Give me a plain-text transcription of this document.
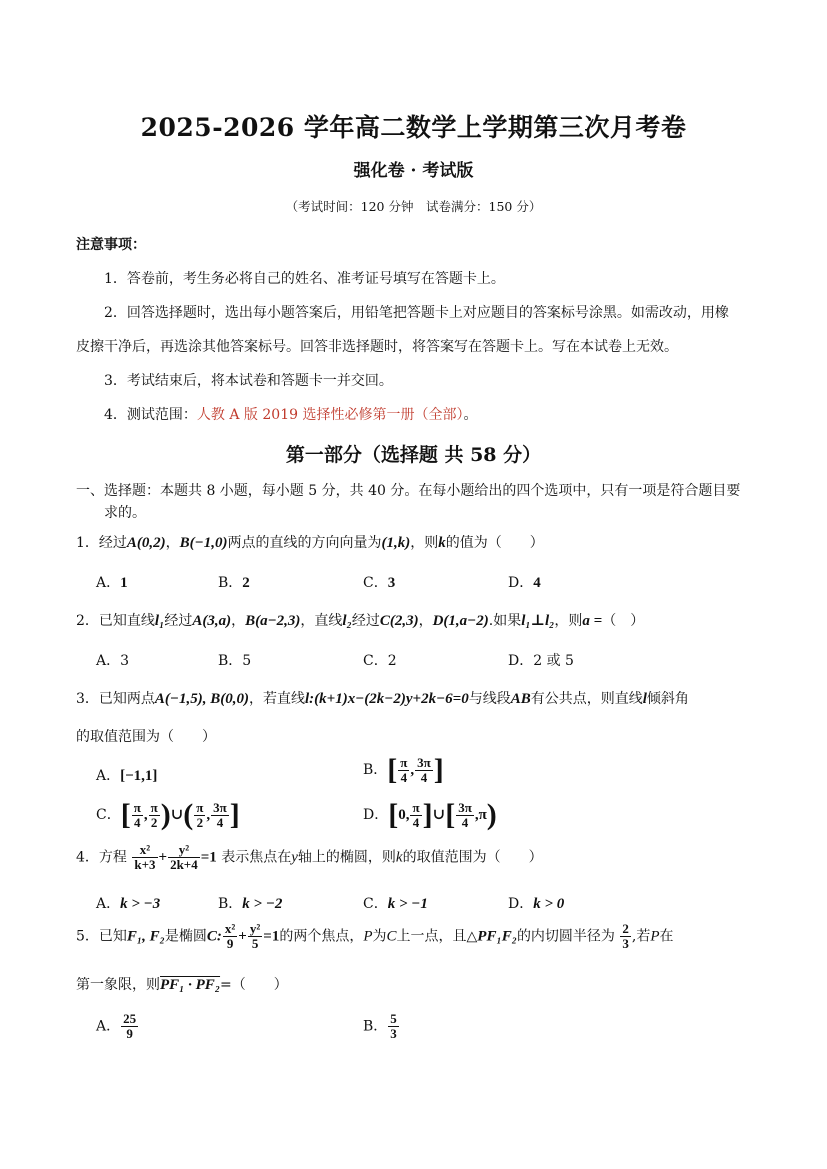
2025-2026 学年高二数学上学期第三次月考卷
强化卷 · 考试版
（考试时间：120 分钟　试卷满分：150 分）
注意事项：
1．答卷前，考生务必将自己的姓名、准考证号填写在答题卡上。
2．回答选择题时，选出每小题答案后，用铅笔把答题卡上对应题目的答案标号涂黑。如需改动，用橡
皮擦干净后，再选涂其他答案标号。回答非选择题时，将答案写在答题卡上。写在本试卷上无效。
3．考试结束后，将本试卷和答题卡一并交回。
4．测试范围：人教 A 版 2019 选择性必修第一册（全部）。
第一部分（选择题 共 58 分）
一、选择题：本题共 8 小题，每小题 5 分，共 40 分。在每小题给出的四个选项中，只有一项是符合题目要
求的。
1．经过A(0,2)，B(−1,0)两点的直线的方向向量为(1,k)，则k的值为（　　）
A．1	B．2	C．3	D．4
2．已知直线l₁经过A(3,a)，B(a−2,3)，直线l₂经过C(2,3)，D(1,a−2).如果l₁⊥l₂，则a =（　）
A．3	B．5	C．2	D．2 或 5
3．已知两点A(−1,5), B(0,0)，若直线l:(k+1)x−(2k−2)y+2k−6=0与线段AB有公共点，则直线l倾斜角
的取值范围为（　　）
A．[−1,1]	B．[ $\frac{\pi}{4}$ , $\frac{3\pi}{4}$ ]
C．[ $\frac{\pi}{4}$ , $\frac{\pi}{2}$ )∪( $\frac{\pi}{2}$ , $\frac{3\pi}{4}$ ]	D．[0, $\frac{\pi}{4}$ ]∪[ $\frac{3\pi}{4} ,\pi$)
4．方程 $\frac{\text{x²}}{k+3} + \frac{\text{y²}}{2k+4} =1$ 表示焦点在y轴上的椭圆，则k的取值范围为（　　）
A．k > −3	B．k > −2	C．k > −1	D．k > 0
5．已知F₁, F₂是椭圆C: $\frac{\text{x²}}{9} + \frac{\text{y²}}{5} =1$的两个焦点，P为C上一点，且△PF₁F₂的内切圆半径为 $\frac{2}{3}$ ,若P在
第一象限，则PF₁ · PF₂=（　　）
A． $\frac{25}{9}$	B． $\frac{5}{3}$
